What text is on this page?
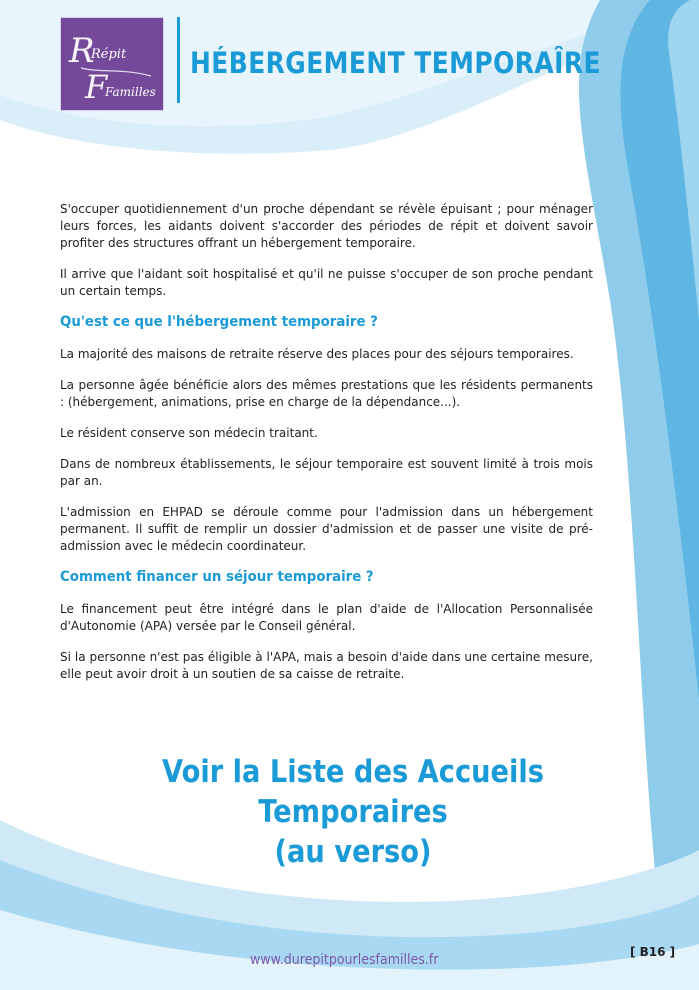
R
Répit
F
Familles
HÉBERGEMENT TEMPORAÎRE

S'occuper quotidiennement d'un proche dépendant se révèle épuisant ; pour ménager leurs forces, les aidants doivent s'accorder des périodes de répit et doivent savoir profiter des structures offrant un hébergement temporaire.

Il arrive que l'aidant soit hospitalisé et qu'il ne puisse s'occuper de son proche pendant un certain temps.

Qu'est ce que l'hébergement temporaire ?

La majorité des maisons de retraite réserve des places pour des séjours temporaires.

La personne âgée bénéficie alors des mêmes prestations que les résidents permanents : (hébergement, animations, prise en charge de la dépendance...).

Le résident conserve son médecin traitant.

Dans de nombreux établissements, le séjour temporaire est souvent limité à trois mois par an.

L'admission en EHPAD se déroule comme pour l'admission dans un hébergement permanent. Il suffit de remplir un dossier d'admission et de passer une visite de pré-admission avec le médecin coordinateur.

Comment financer un séjour temporaire ?

Le financement peut être intégré dans le plan d'aide de l'Allocation Personnalisée d'Autonomie (APA) versée par le Conseil général.

Si la personne n'est pas éligible à l'APA, mais a besoin d'aide dans une certaine mesure, elle peut avoir droit à un soutien de sa caisse de retraite.

Voir la Liste des Accueils Temporaires
(au verso)
www.durepitpourlesfamilles.fr	[ B16 ]
